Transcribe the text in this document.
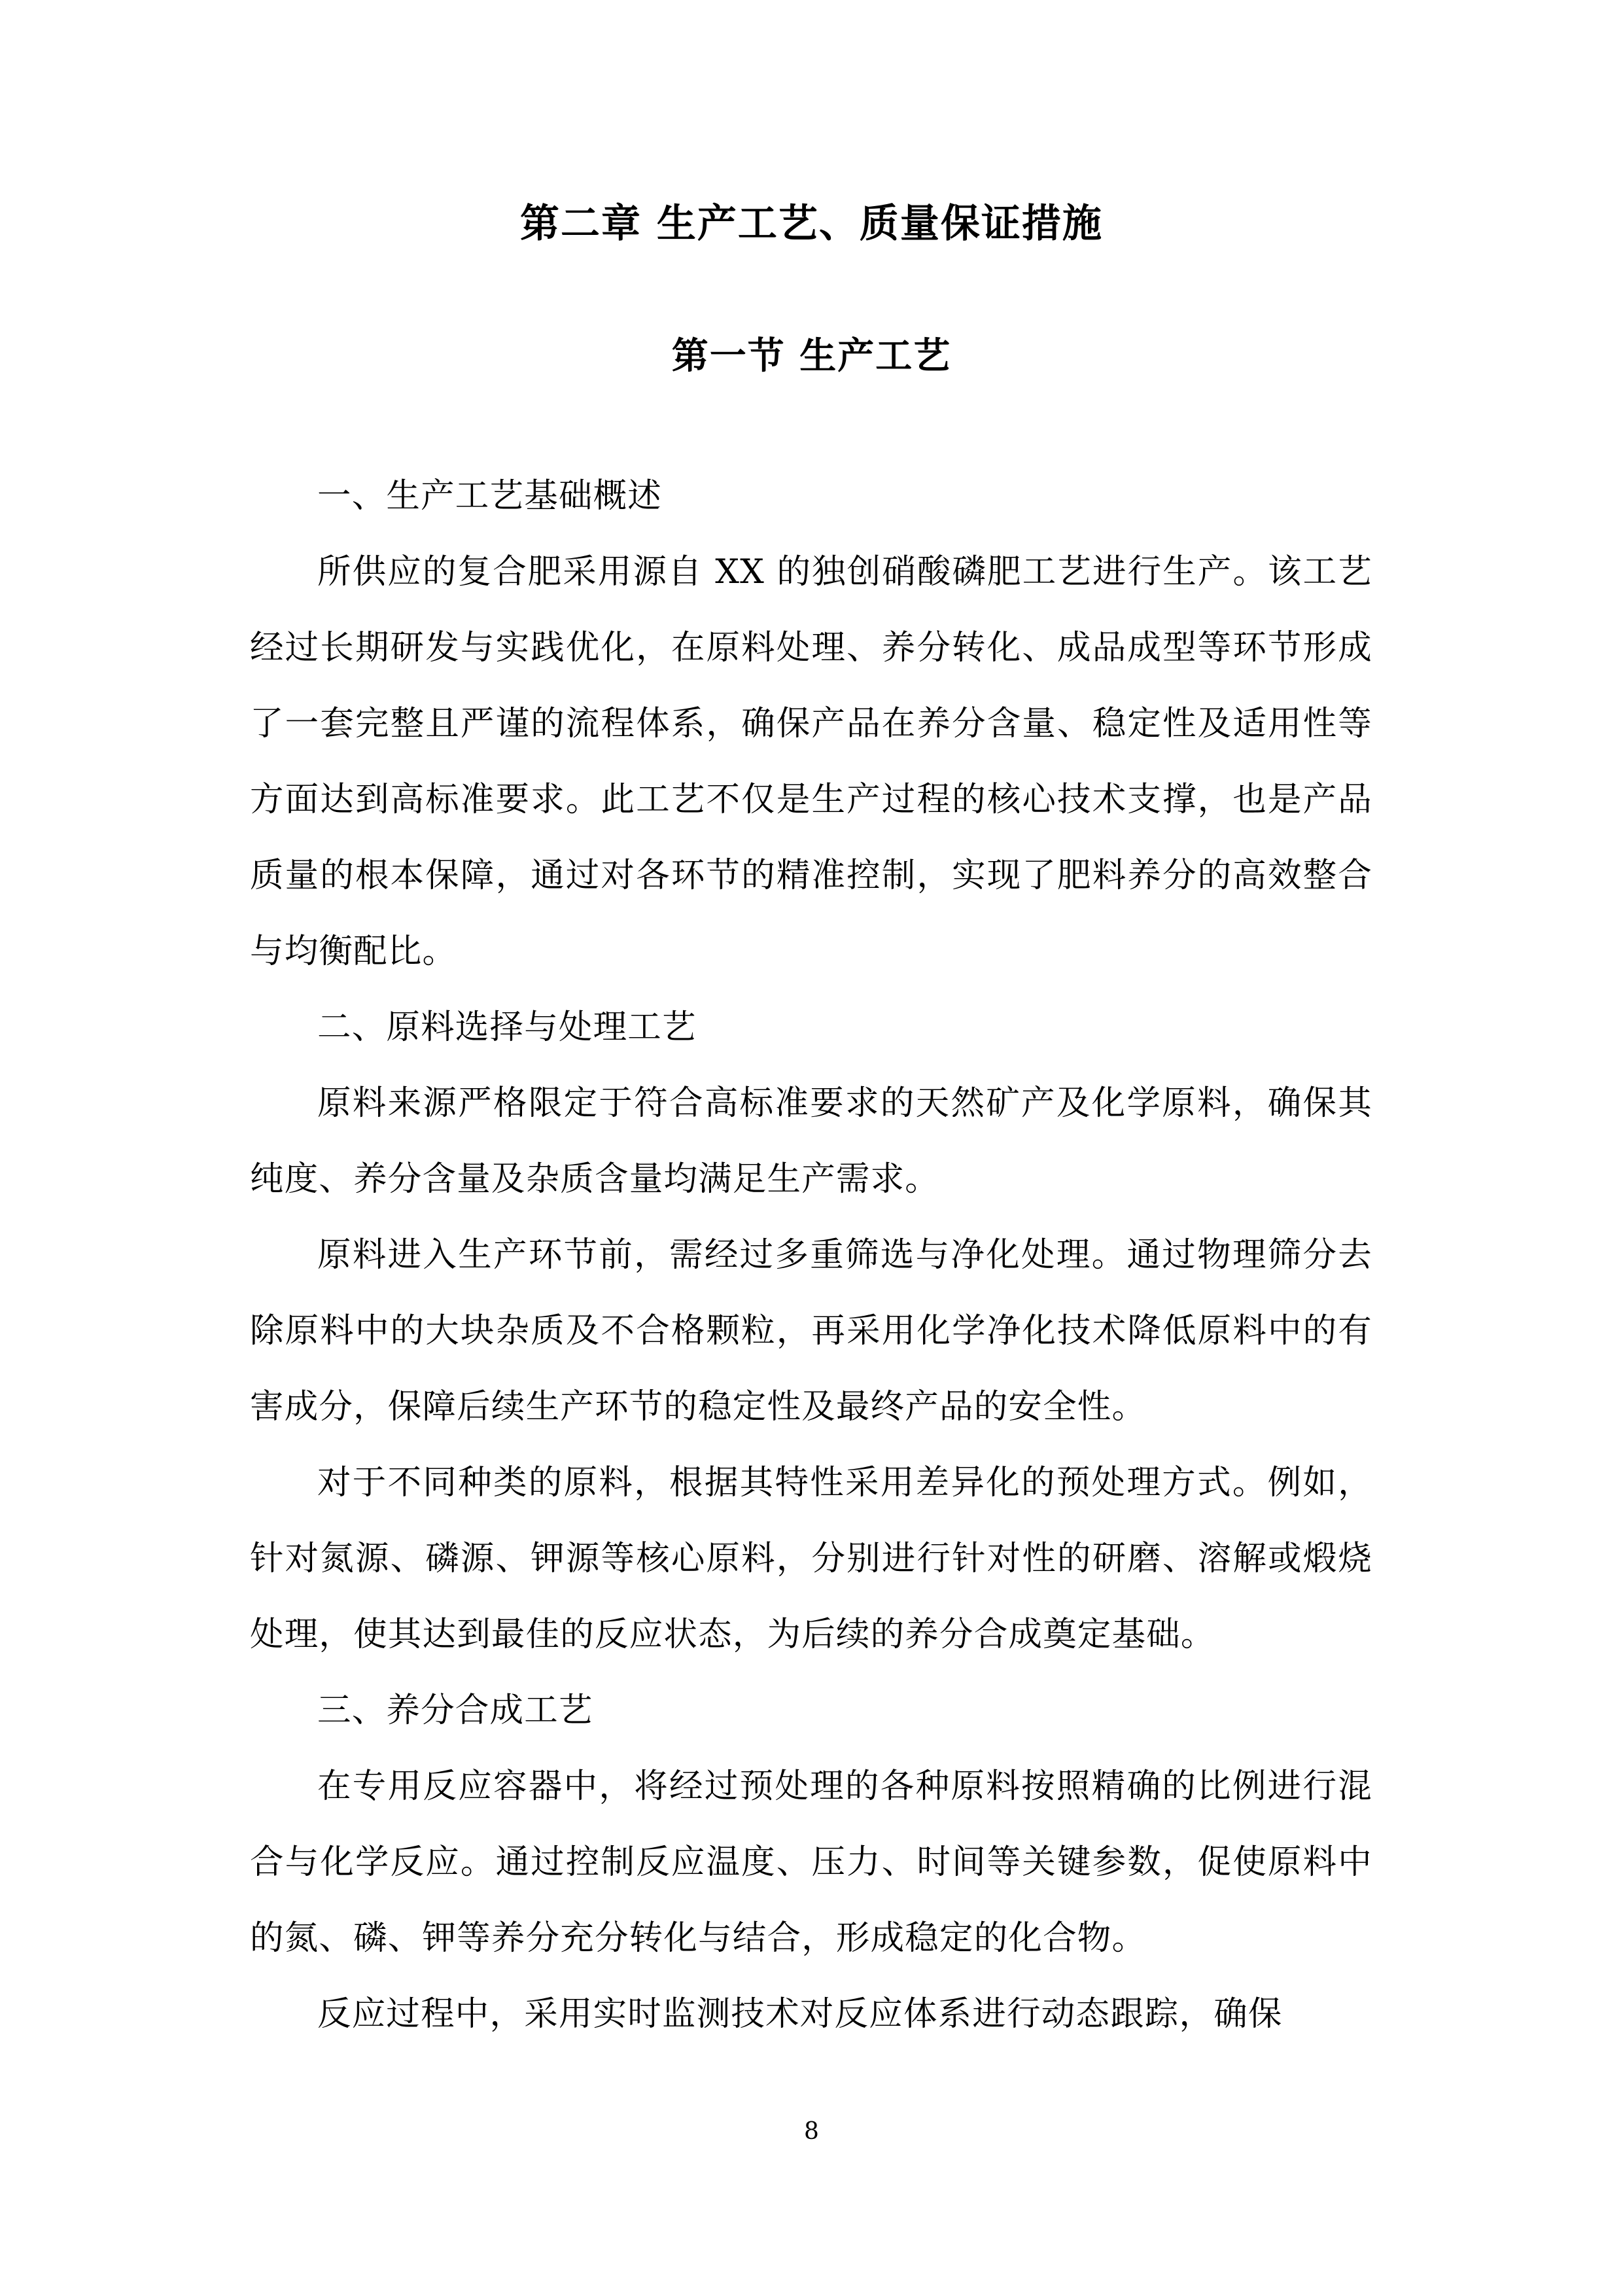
第二章 生产工艺、质量保证措施
第一节 生产工艺

一、生产工艺基础概述

所供应的复合肥采用源自 XX 的独创硝酸磷肥工艺进行生产。该工艺经过长期研发与实践优化，在原料处理、养分转化、成品成型等环节形成了一套完整且严谨的流程体系，确保产品在养分含量、稳定性及适用性等方面达到高标准要求。此工艺不仅是生产过程的核心技术支撑，也是产品质量的根本保障，通过对各环节的精准控制，实现了肥料养分的高效整合与均衡配比。

二、原料选择与处理工艺

原料来源严格限定于符合高标准要求的天然矿产及化学原料，确保其纯度、养分含量及杂质含量均满足生产需求。

原料进入生产环节前，需经过多重筛选与净化处理。通过物理筛分去除原料中的大块杂质及不合格颗粒，再采用化学净化技术降低原料中的有害成分，保障后续生产环节的稳定性及最终产品的安全性。

对于不同种类的原料，根据其特性采用差异化的预处理方式。例如，针对氮源、磷源、钾源等核心原料，分别进行针对性的研磨、溶解或煅烧处理，使其达到最佳的反应状态，为后续的养分合成奠定基础。

三、养分合成工艺

在专用反应容器中，将经过预处理的各种原料按照精确的比例进行混合与化学反应。通过控制反应温度、压力、时间等关键参数，促使原料中的氮、磷、钾等养分充分转化与结合，形成稳定的化合物。

反应过程中，采用实时监测技术对反应体系进行动态跟踪，确保

8
